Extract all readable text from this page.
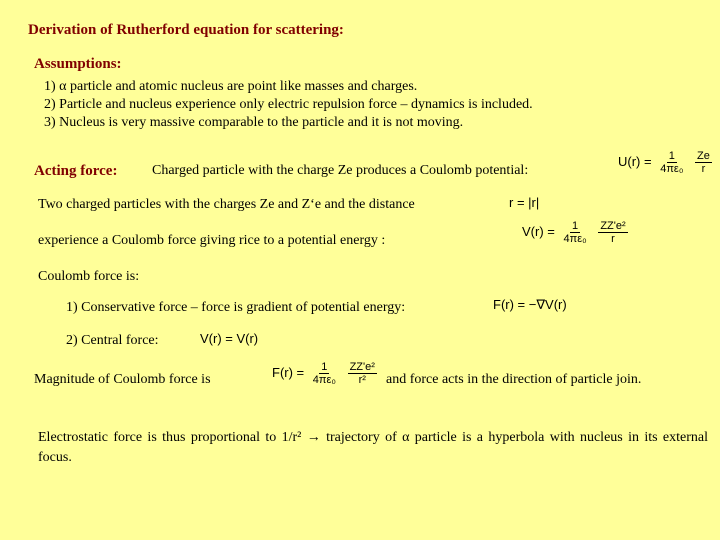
Derivation of Rutherford equation for scattering:
Assumptions:
1) α particle and atomic nucleus are point like masses and charges.
2) Particle and nucleus experience only electric repulsion force – dynamics is included.
3) Nucleus is very massive comparable to the particle and it is not moving.
Acting force: Charged particle with the charge Ze produces a Coulomb potential:
$U(r) = \frac{1}{\text{4πε₀}}$
$\frac{Ze}{r}$
Two charged particles with the charges Ze and Z‘e and the distance	r = |r|
experience a Coulomb force giving rice to a potential energy :
$V(r) = \frac{1}{\text{4πε₀}}$
$\frac{\text{ZZ'e²}}{r}$
Coulomb force is:
1) Conservative force – force is gradient of potential energy:	F(r) = −∇V(r)
2) Central force:	V(r) = V(r)
Magnitude of Coulomb force is	$F(r) = \frac{1}{\text{4πε₀}}$
$\frac{\text{ZZ'e²}}{\text{r²}}$ and force acts in the direction of particle join.
Electrostatic force is thus proportional to 1/r² → trajectory of α particle is a hyperbola with nucleus in its external focus.
